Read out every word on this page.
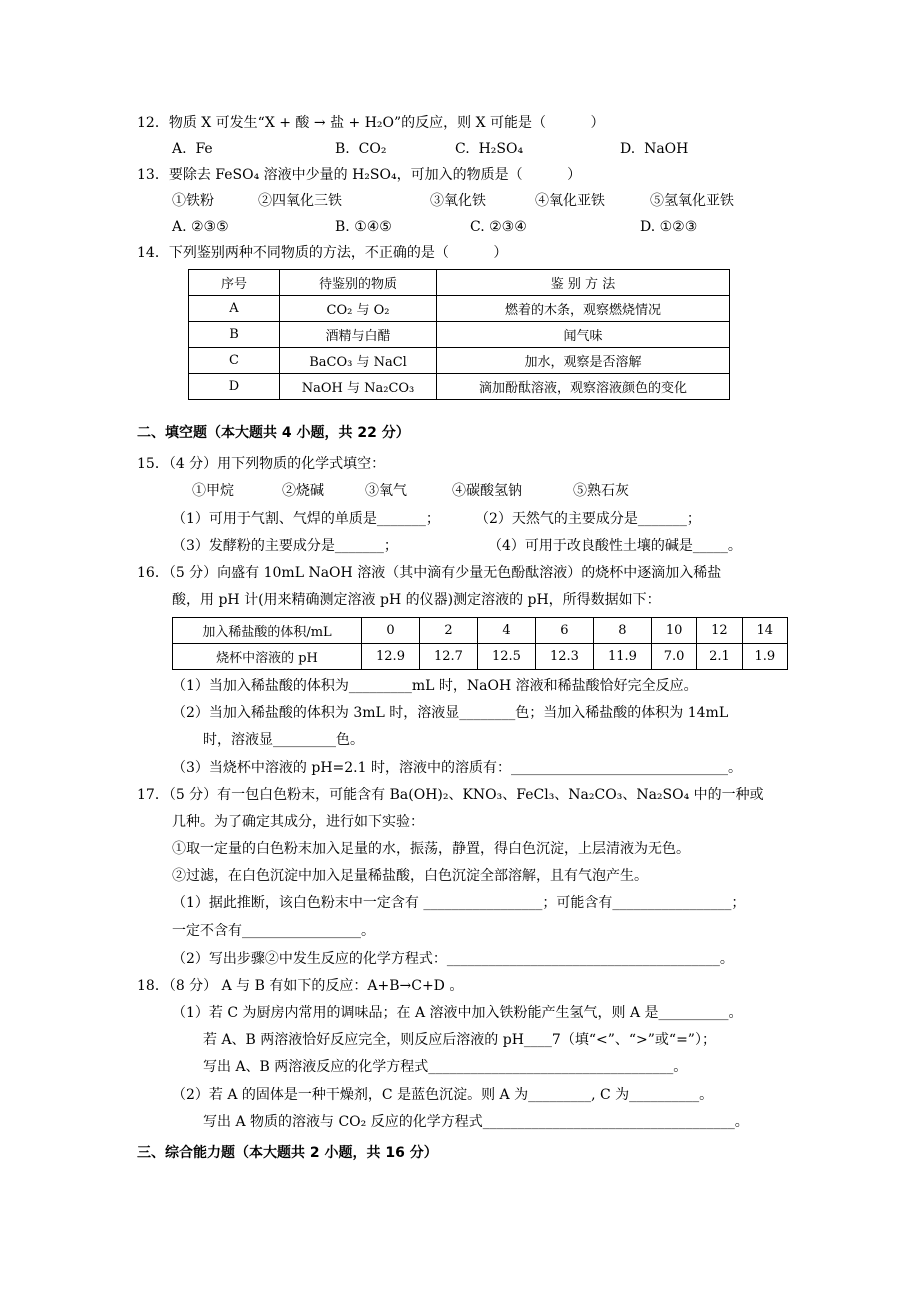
12．物质 X 可发生“X + 酸 → 盐 + H₂O”的反应，则 X 可能是（          ）
A.  Fe	B.  CO₂	C.  H₂SO₄	D.  NaOH
13．要除去 FeSO₄ 溶液中少量的 H₂SO₄，可加入的物质是（          ）
①铁粉	②四氧化三铁	③氧化铁	④氧化亚铁	⑤氢氧化亚铁
A. ②③⑤	B. ①④⑤	C. ②③④	D. ①②③
14．下列鉴别两种不同物质的方法，不正确的是（          ）
序号	待鉴别的物质	鉴 别 方 法
A	CO₂ 与 O₂	燃着的木条，观察燃烧情况
B	酒精与白醋	闻气味
C	BaCO₃ 与 NaCl	加水，观察是否溶解
D	NaOH 与 Na₂CO₃	滴加酚酞溶液，观察溶液颜色的变化
二、填空题（本大题共 4 小题，共 22 分）
15．（4 分）用下列物质的化学式填空：
①甲烷	②烧碱	③氧气	④碳酸氢钠	⑤熟石灰
（1）可用于气割、气焊的单质是_______；	（2）天然气的主要成分是_______；
（3）发酵粉的主要成分是_______；	（4）可用于改良酸性土壤的碱是_____。
16．（5 分）向盛有 10mL NaOH 溶液（其中滴有少量无色酚酞溶液）的烧杯中逐滴加入稀盐
酸，用 pH 计(用来精确测定溶液 pH 的仪器)测定溶液的 pH，所得数据如下：
加入稀盐酸的体积/mL	0	2	4	6	8	10	12	14
烧杯中溶液的 pH	12.9	12.7	12.5	12.3	11.9	7.0	2.1	1.9
（1）当加入稀盐酸的体积为_________mL 时，NaOH 溶液和稀盐酸恰好完全反应。
（2）当加入稀盐酸的体积为 3mL 时，溶液显________色；当加入稀盐酸的体积为 14mL
时，溶液显_________色。
（3）当烧杯中溶液的 pH=2.1 时，溶液中的溶质有：_______________________________。
17．（5 分）有一包白色粉末，可能含有 Ba(OH)₂、KNO₃、FeCl₃、Na₂CO₃、Na₂SO₄ 中的一种或
几种。为了确定其成分，进行如下实验：
①取一定量的白色粉末加入足量的水，振荡，静置，得白色沉淀，上层清液为无色。
②过滤，在白色沉淀中加入足量稀盐酸，白色沉淀全部溶解，且有气泡产生。
（1）据此推断，该白色粉末中一定含有 _________________；可能含有_________________；
一定不含有_________________。
（2）写出步骤②中发生反应的化学方程式：_______________________________________。
18．（8 分） A 与 B 有如下的反应：A+B→C+D 。
（1）若 C 为厨房内常用的调味品；在 A 溶液中加入铁粉能产生氢气，则 A 是__________。
若 A、B 两溶液恰好反应完全，则反应后溶液的 pH____7（填“<”、“>”或“=”）；
写出 A、B 两溶液反应的化学方程式___________________________________。
（2）若 A 的固体是一种干燥剂，C 是蓝色沉淀。则 A 为_________, C 为__________。
写出 A 物质的溶液与 CO₂ 反应的化学方程式____________________________________。
三、综合能力题（本大题共 2 小题，共 16 分）
